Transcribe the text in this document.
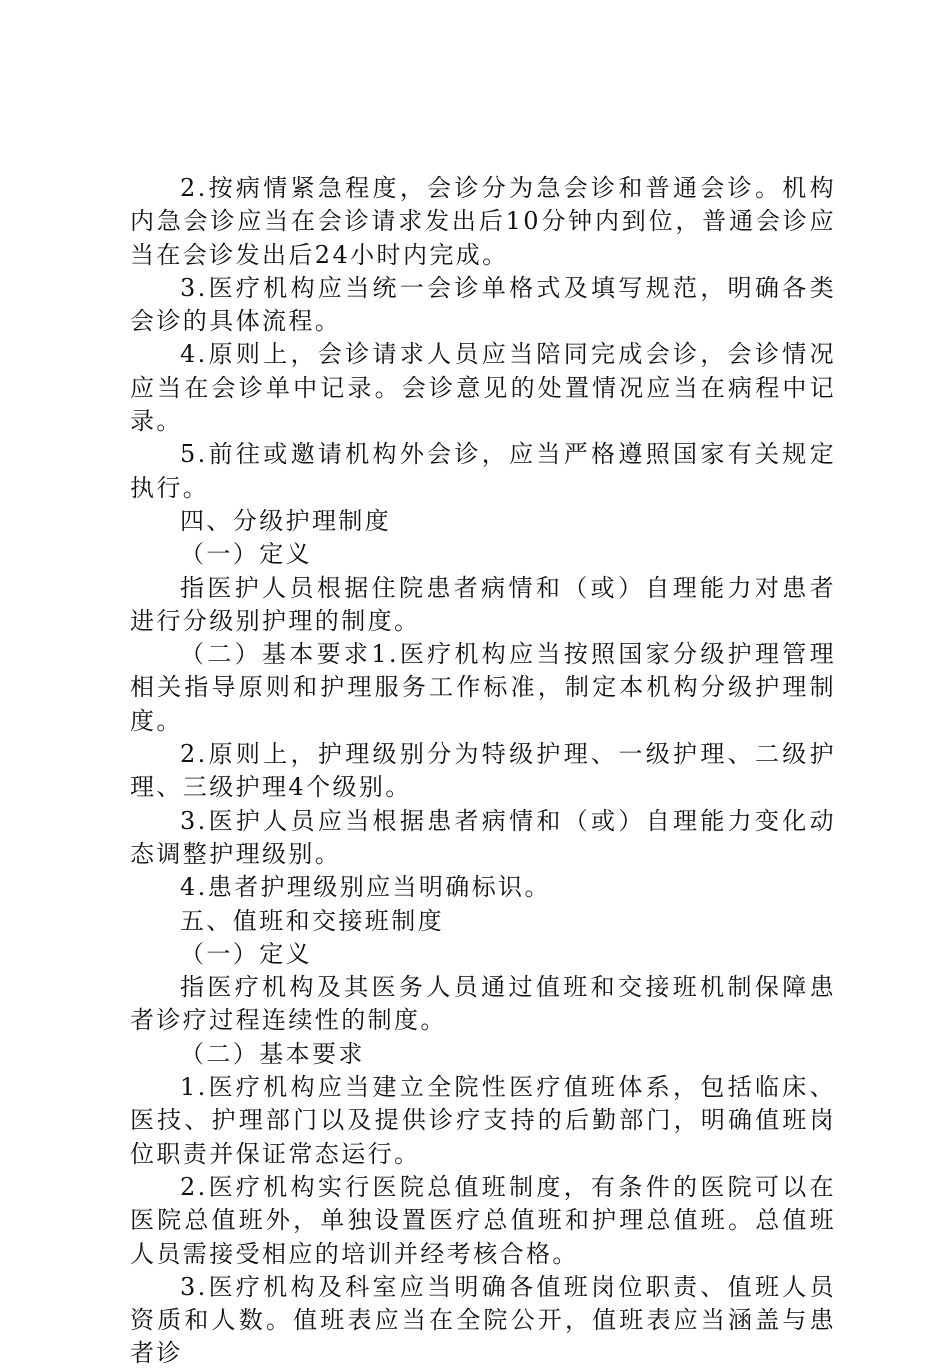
2.按病情紧急程度，会诊分为急会诊和普通会诊。机构内急会诊应当在会诊请求发出后10分钟内到位，普通会诊应当在会诊发出后24小时内完成。

3.医疗机构应当统一会诊单格式及填写规范，明确各类会诊的具体流程。

4.原则上，会诊请求人员应当陪同完成会诊，会诊情况应当在会诊单中记录。会诊意见的处置情况应当在病程中记录。

5.前往或邀请机构外会诊，应当严格遵照国家有关规定执行。

四、分级护理制度

（一）定义

指医护人员根据住院患者病情和（或）自理能力对患者进行分级别护理的制度。

（二）基本要求1.医疗机构应当按照国家分级护理管理相关指导原则和护理服务工作标准，制定本机构分级护理制度。

2.原则上，护理级别分为特级护理、一级护理、二级护理、三级护理4个级别。

3.医护人员应当根据患者病情和（或）自理能力变化动态调整护理级别。

4.患者护理级别应当明确标识。

五、值班和交接班制度

（一）定义

指医疗机构及其医务人员通过值班和交接班机制保障患者诊疗过程连续性的制度。

（二）基本要求

1.医疗机构应当建立全院性医疗值班体系，包括临床、医技、护理部门以及提供诊疗支持的后勤部门，明确值班岗位职责并保证常态运行。

2.医疗机构实行医院总值班制度，有条件的医院可以在医院总值班外，单独设置医疗总值班和护理总值班。总值班人员需接受相应的培训并经考核合格。

3.医疗机构及科室应当明确各值班岗位职责、值班人员资质和人数。值班表应当在全院公开，值班表应当涵盖与患者诊
